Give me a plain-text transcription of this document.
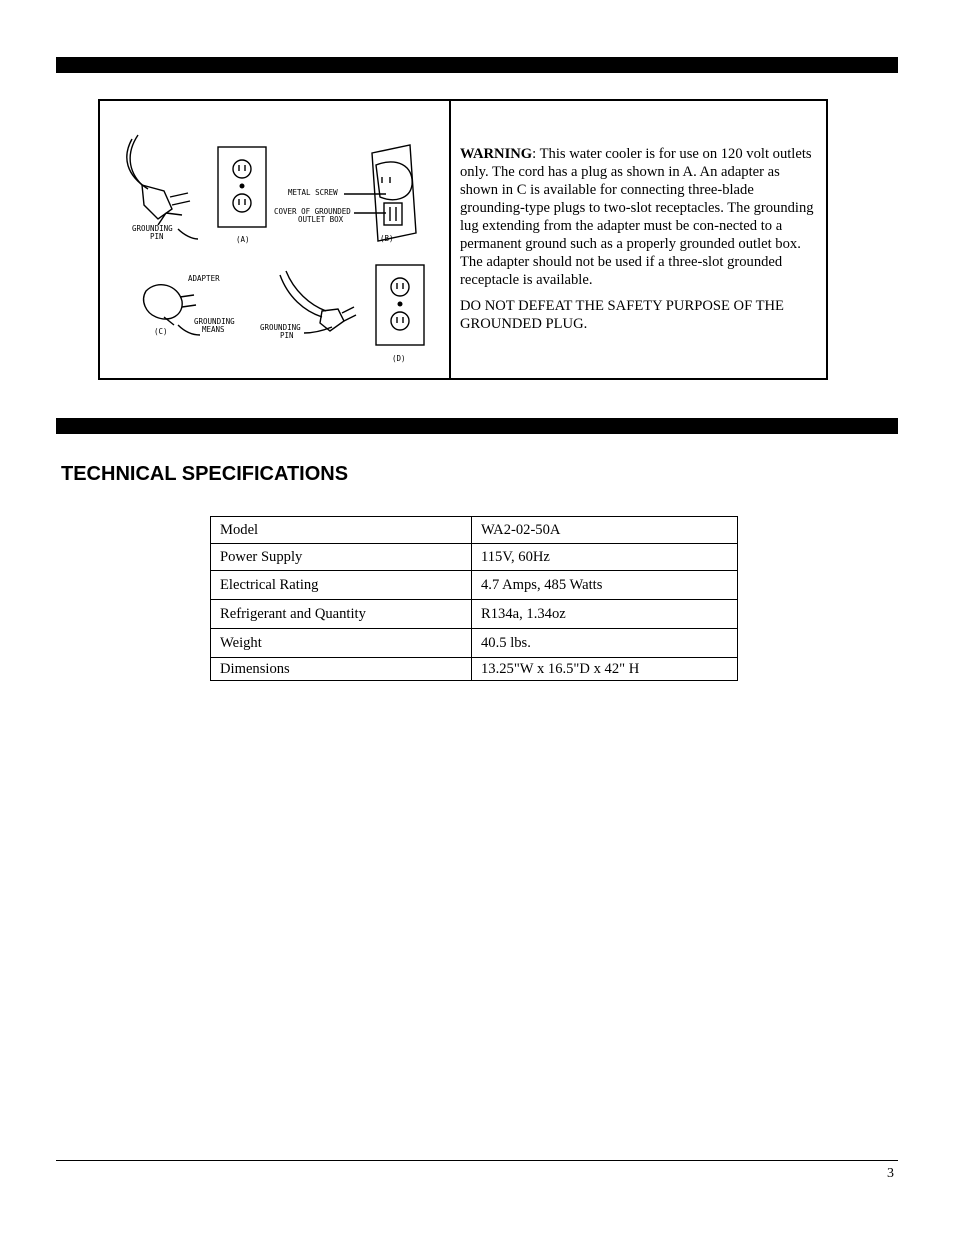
GROUNDING PIN	(A)
METAL SCREW
COVER OF GROUNDED OUTLET BOX
(B)
ADAPTER
GROUNDING MEANS
(C)	GROUNDING PIN
(D)

WARNING: This water cooler is for use on 120 volt outlets only. The cord has a plug as shown in A. An adapter as shown in C is available for connecting three-blade grounding-type plugs to two-slot receptacles. The grounding lug extending from the adapter must be con-nected to a permanent ground such as a properly grounded outlet box. The adapter should not be used if a three-slot grounded receptacle is available.

DO NOT DEFEAT THE SAFETY PURPOSE OF THE GROUNDED PLUG.

TECHNICAL SPECIFICATIONS
Model	WA2-02-50A
Power Supply	115V, 60Hz
Electrical Rating	4.7 Amps, 485 Watts
Refrigerant and Quantity	R134a, 1.34oz
Weight	40.5 lbs.
Dimensions	13.25"W x 16.5"D x 42" H
3
